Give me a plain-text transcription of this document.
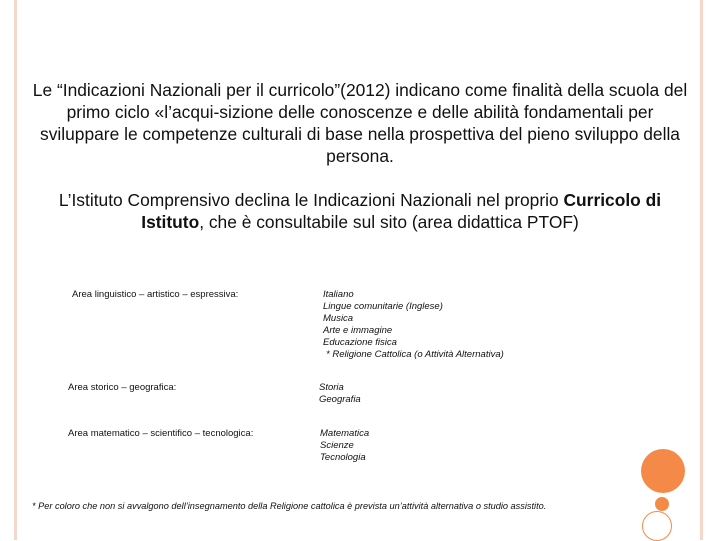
Le “Indicazioni Nazionali per il curricolo”(2012) indicano come finalità della scuola del primo ciclo «l’acqui-sizione delle conoscenze e delle abilità fondamentali per sviluppare le competenze culturali di base nella prospettiva del pieno sviluppo della persona.

L’Istituto Comprensivo declina le Indicazioni Nazionali nel proprio Curricolo di Istituto, che è consultabile sul sito (area didattica PTOF)

Area linguistico – artistico – espressiva:	Italiano
Lingue comunitarie (Inglese)
Musica
Arte e immagine
Educazione fisica
* Religione Cattolica (o Attività Alternativa)
Area storico – geografica:	Storia
Geografia
Area matematico – scientifico – tecnologica:	Matematica
Scienze
Tecnologia
* Per coloro che non si avvalgono dell’insegnamento della Religione cattolica è prevista un’attività alternativa o studio assistito.
